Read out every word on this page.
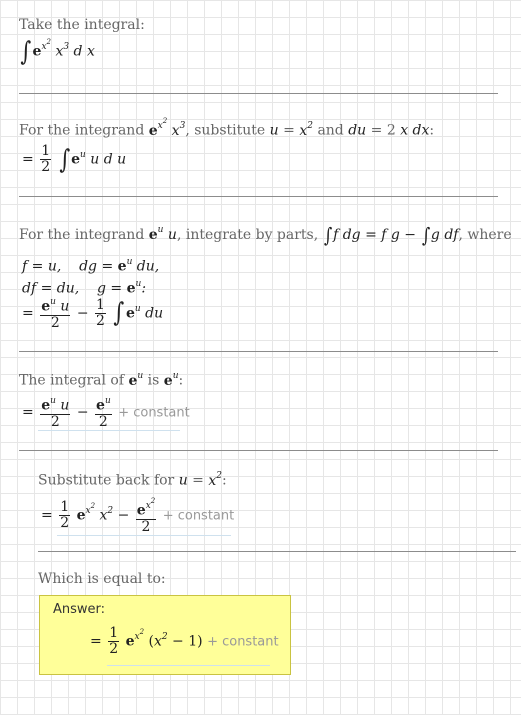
Take the integral:
$\int e^{x^2}$ $x^3$ d x
For the integrand $e^{x^2}$ $x^3$, substitute $u = x^2$ and du = 2 x dx:
= $\frac{1}{2} \int e^u$ u d u
For the integrand $e^u$ u, integrate by parts, ∫f dg = f g − ∫g df, where
f = u,    dg = $e^u$ du,
df = du,    $g = e^u$:
= $\frac{e^u u}{2} - \frac{1}{2} \int e^u$ du
The integral of $e^u$ is $e^u$:
= $\frac{e^u u}{2} - \frac{e^u}{2}$ + constant
Substitute back for $u = x^2$:
= $\frac{1}{2} e^{x^2}$ $x^2 - \frac{e^{x^2}}{2}$ + constant
Which is equal to:
Answer:
= $\frac{1}{2} e^{x^2}$ $(x^2 - 1)$ + constant
